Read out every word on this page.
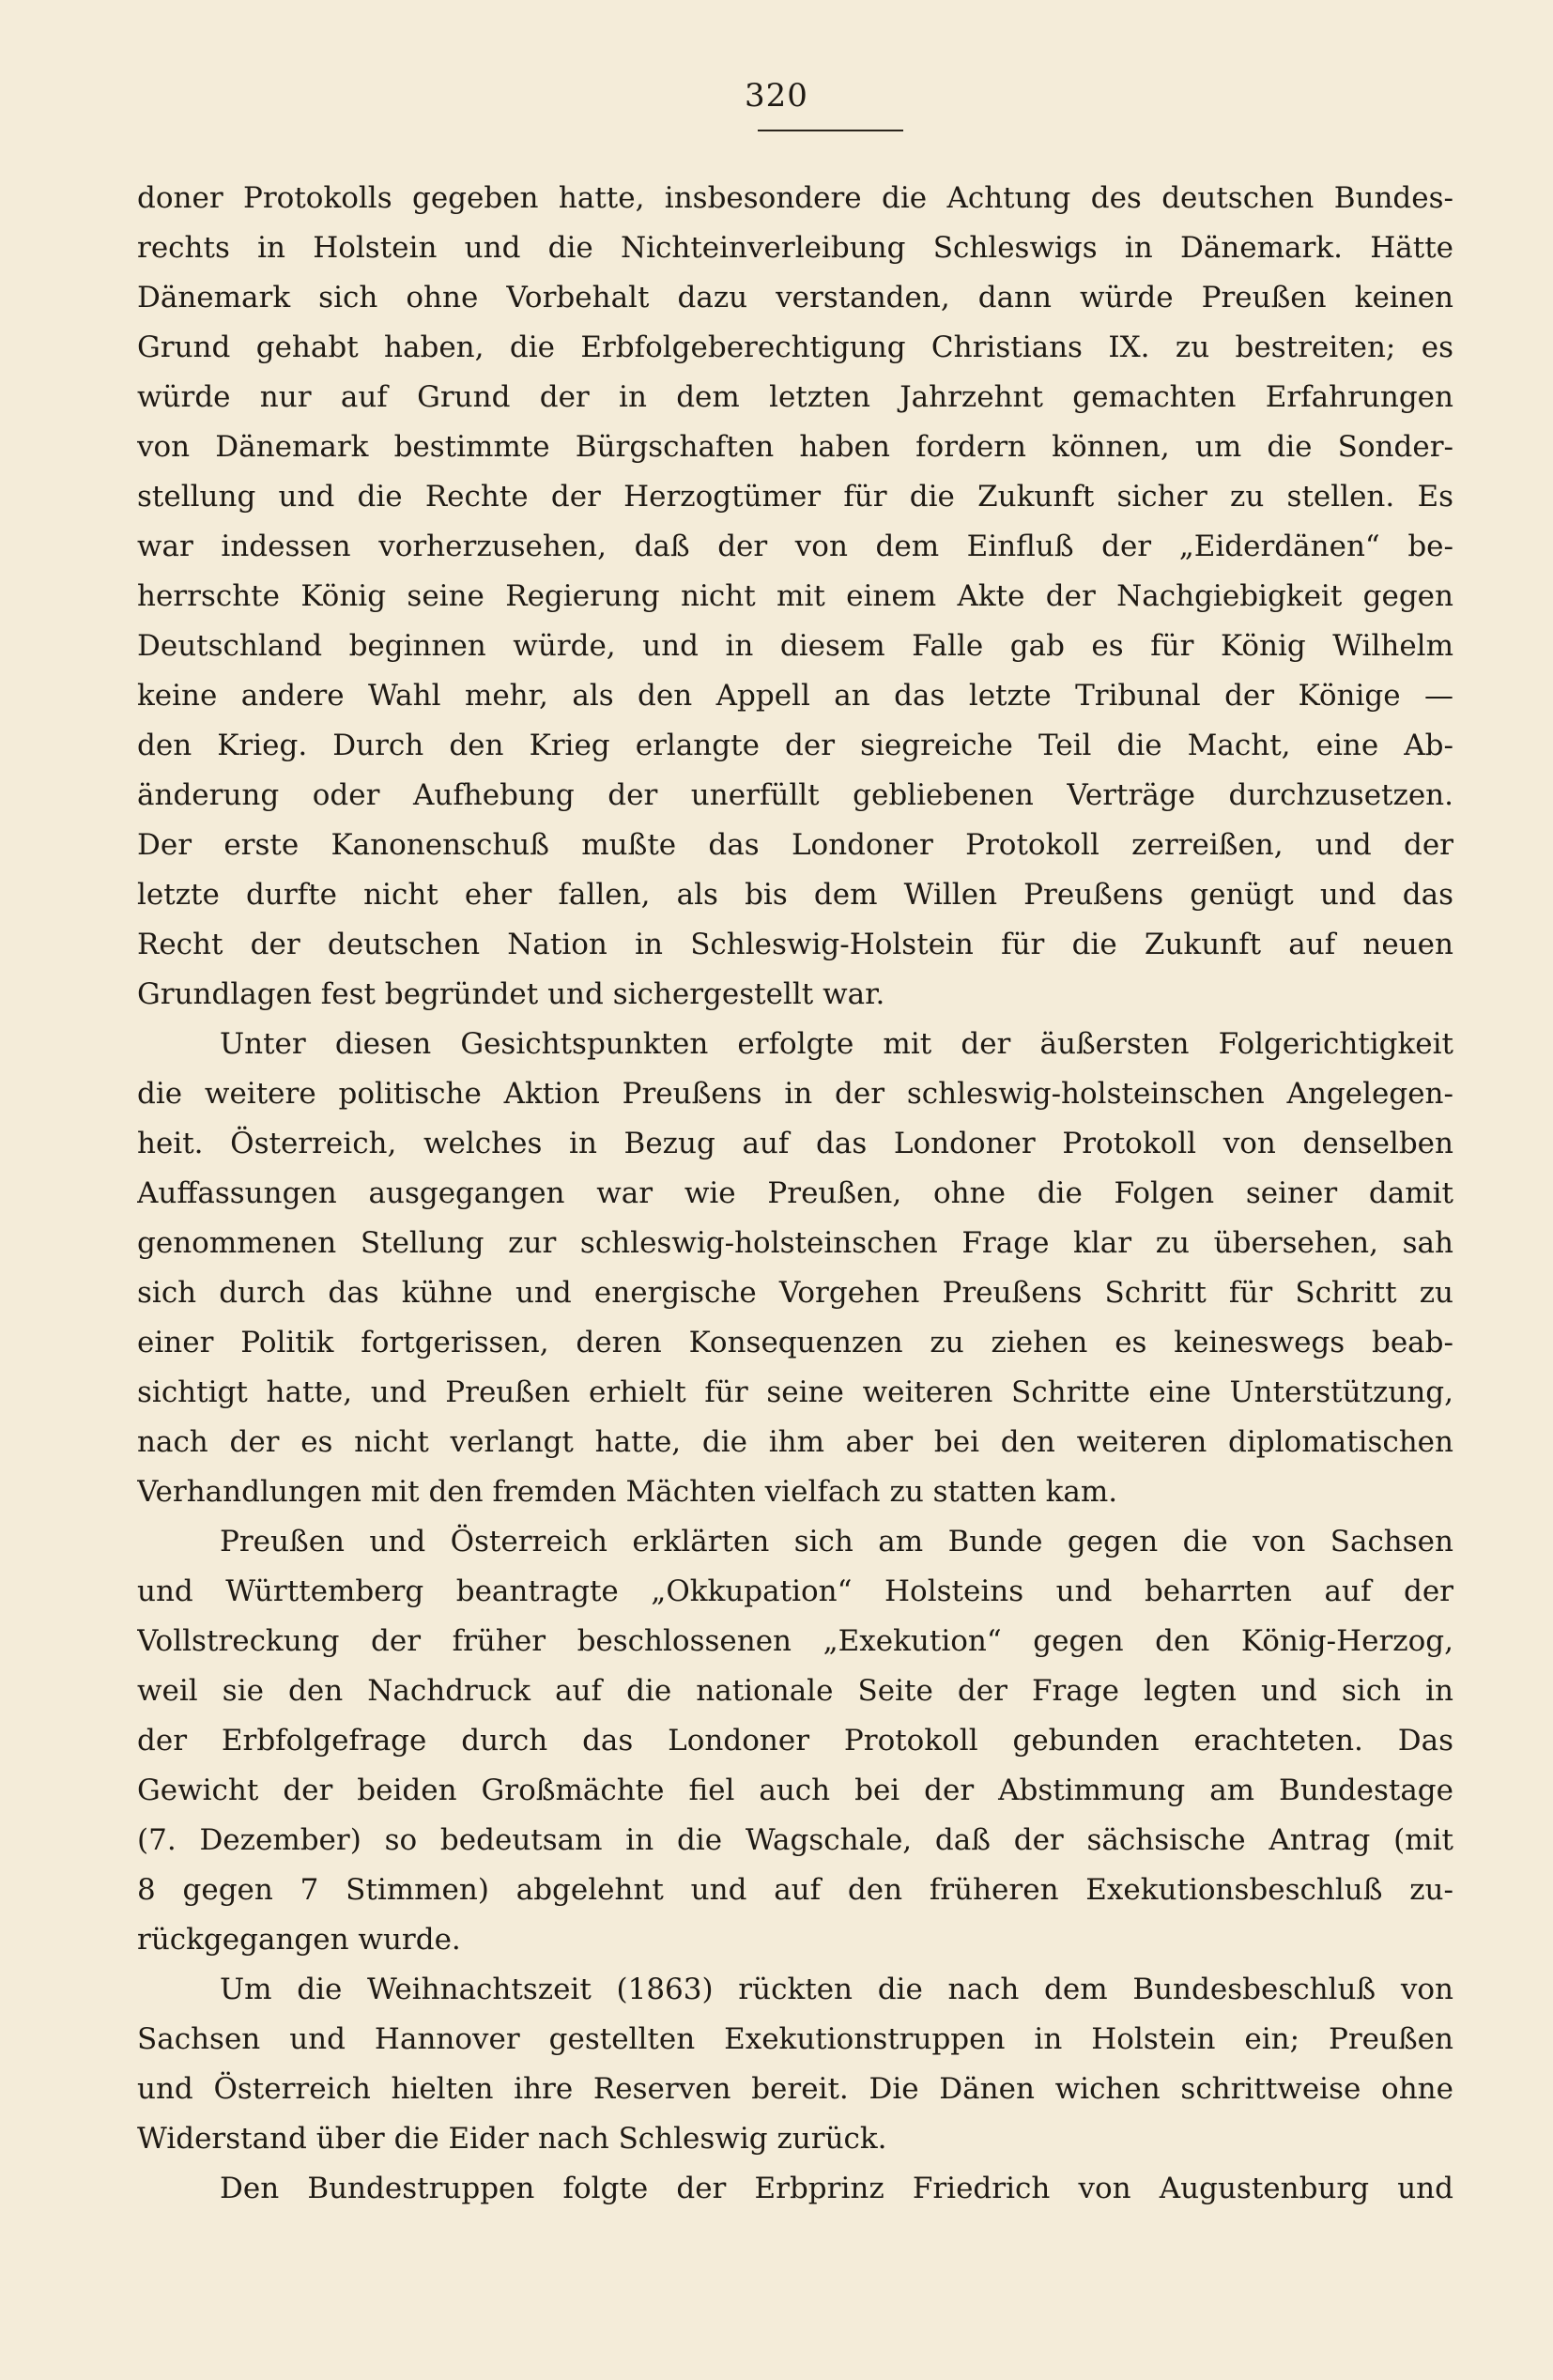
320
doner Protokolls gegeben hatte, insbesondere die Achtung des deutschen Bundes-
rechts in Holstein und die Nichteinverleibung Schleswigs in Dänemark. Hätte
Dänemark sich ohne Vorbehalt dazu verstanden, dann würde Preußen keinen
Grund gehabt haben, die Erbfolgeberechtigung Christians IX. zu bestreiten; es
würde nur auf Grund der in dem letzten Jahrzehnt gemachten Erfahrungen
von Dänemark bestimmte Bürgschaften haben fordern können, um die Sonder-
stellung und die Rechte der Herzogtümer für die Zukunft sicher zu stellen. Es
war indessen vorherzusehen, daß der von dem Einfluß der „Eiderdänen“ be-
herrschte König seine Regierung nicht mit einem Akte der Nachgiebigkeit gegen
Deutschland beginnen würde, und in diesem Falle gab es für König Wilhelm
keine andere Wahl mehr, als den Appell an das letzte Tribunal der Könige —
den Krieg. Durch den Krieg erlangte der siegreiche Teil die Macht, eine Ab-
änderung oder Aufhebung der unerfüllt gebliebenen Verträge durchzusetzen.
Der erste Kanonenschuß mußte das Londoner Protokoll zerreißen, und der
letzte durfte nicht eher fallen, als bis dem Willen Preußens genügt und das
Recht der deutschen Nation in Schleswig-Holstein für die Zukunft auf neuen
Grundlagen fest begründet und sichergestellt war.
Unter diesen Gesichtspunkten erfolgte mit der äußersten Folgerichtigkeit
die weitere politische Aktion Preußens in der schleswig-holsteinschen Angelegen-
heit. Österreich, welches in Bezug auf das Londoner Protokoll von denselben
Auffassungen ausgegangen war wie Preußen, ohne die Folgen seiner damit
genommenen Stellung zur schleswig-holsteinschen Frage klar zu übersehen, sah
sich durch das kühne und energische Vorgehen Preußens Schritt für Schritt zu
einer Politik fortgerissen, deren Konsequenzen zu ziehen es keineswegs beab-
sichtigt hatte, und Preußen erhielt für seine weiteren Schritte eine Unterstützung,
nach der es nicht verlangt hatte, die ihm aber bei den weiteren diplomatischen
Verhandlungen mit den fremden Mächten vielfach zu statten kam.
Preußen und Österreich erklärten sich am Bunde gegen die von Sachsen
und Württemberg beantragte „Okkupation“ Holsteins und beharrten auf der
Vollstreckung der früher beschlossenen „Exekution“ gegen den König-Herzog,
weil sie den Nachdruck auf die nationale Seite der Frage legten und sich in
der Erbfolgefrage durch das Londoner Protokoll gebunden erachteten. Das
Gewicht der beiden Großmächte fiel auch bei der Abstimmung am Bundestage
(7. Dezember) so bedeutsam in die Wagschale, daß der sächsische Antrag (mit
8 gegen 7 Stimmen) abgelehnt und auf den früheren Exekutionsbeschluß zu-
rückgegangen wurde.
Um die Weihnachtszeit (1863) rückten die nach dem Bundesbeschluß von
Sachsen und Hannover gestellten Exekutionstruppen in Holstein ein; Preußen
und Österreich hielten ihre Reserven bereit. Die Dänen wichen schrittweise ohne
Widerstand über die Eider nach Schleswig zurück.
Den Bundestruppen folgte der Erbprinz Friedrich von Augustenburg und
